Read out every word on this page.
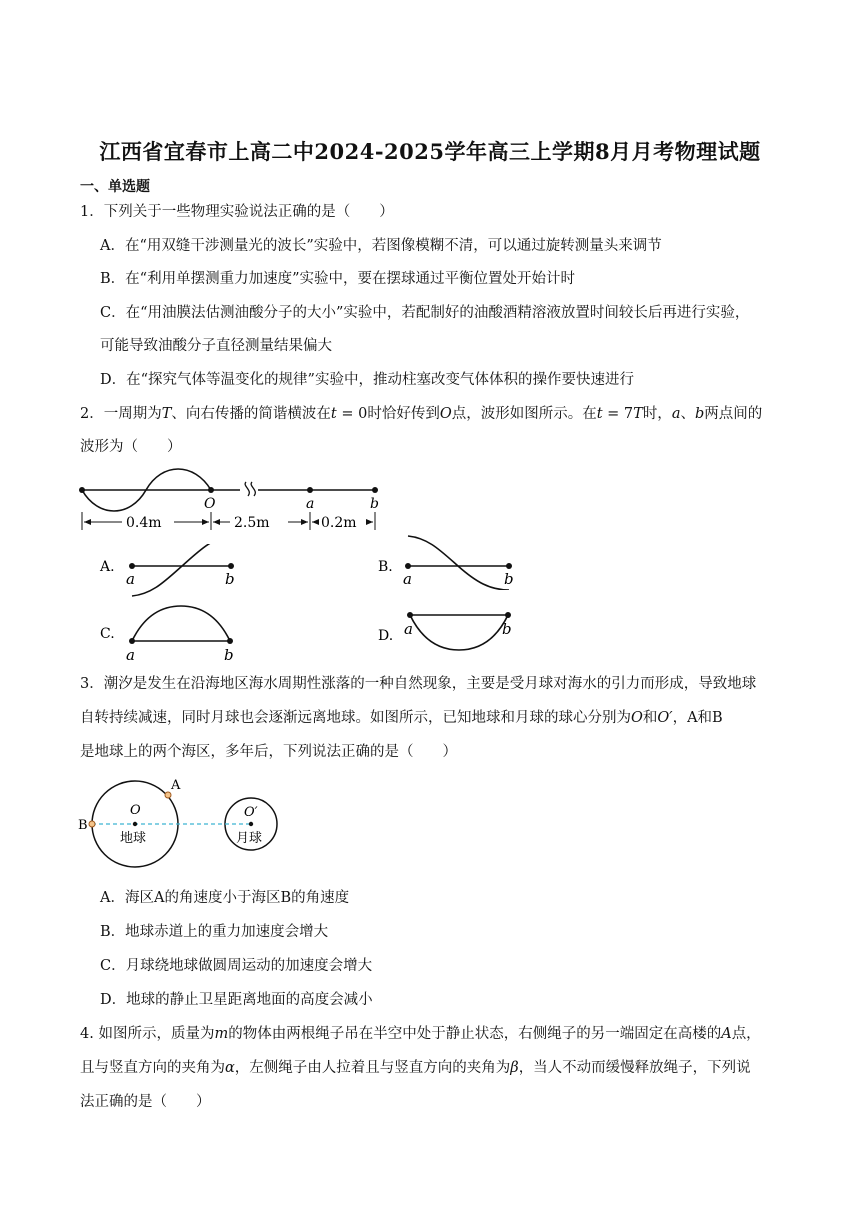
江西省宜春市上高二中2024-2025学年高三上学期8月月考物理试题
一、单选题
1．下列关于一些物理实验说法正确的是（　　）
A．在“用双缝干涉测量光的波长”实验中，若图像模糊不清，可以通过旋转测量头来调节
B．在“利用单摆测重力加速度”实验中，要在摆球通过平衡位置处开始计时
C．在“用油膜法估测油酸分子的大小”实验中，若配制好的油酸酒精溶液放置时间较长后再进行实验，
可能导致油酸分子直径测量结果偏大
D．在“探究气体等温变化的规律”实验中，推动柱塞改变气体体积的操作要快速进行
2．一周期为T、向右传播的简谐横波在t = 0时恰好传到O点，波形如图所示。在t = 7T时，a、b两点间的
波形为（　　）
O	a	b
0.4m	2.5m	0.2m
A.
a	b
B.
a	b
C.
a	b
D. a	b
3．潮汐是发生在沿海地区海水周期性涨落的一种自然现象，主要是受月球对海水的引力而形成，导致地球
自转持续减速，同时月球也会逐渐远离地球。如图所示，已知地球和月球的球心分别为O和O′，A和B
是地球上的两个海区，多年后，下列说法正确的是（　　）
A
B
O	O′
地球	月球
A．海区A的角速度小于海区B的角速度
B．地球赤道上的重力加速度会增大
C．月球绕地球做圆周运动的加速度会增大
D．地球的静止卫星距离地面的高度会减小
4. 如图所示，质量为m的物体由两根绳子吊在半空中处于静止状态，右侧绳子的另一端固定在高楼的A点，
且与竖直方向的夹角为α，左侧绳子由人拉着且与竖直方向的夹角为β，当人不动而缓慢释放绳子，下列说
法正确的是（　　）
